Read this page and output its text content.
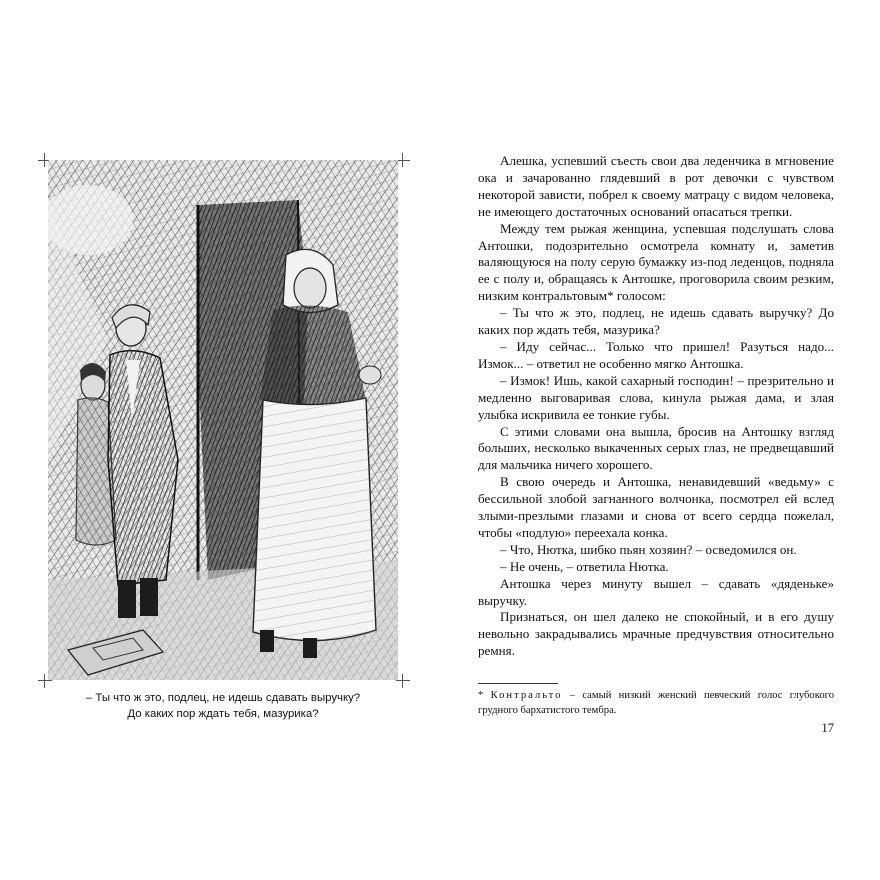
– Ты что ж это, подлец, не идешь сдавать выручку?
До каких пор ждать тебя, мазурика?

Алешка, успевший съесть свои два леденчика в мгновение ока и зачарованно глядевший в рот девочки с чувством некоторой зависти, побрел к своему матрацу с видом человека, не имеющего достаточных оснований опасаться трепки.

Между тем рыжая женщина, успевшая подслушать слова Антошки, подозрительно осмотрела комнату и, заметив валяющуюся на полу серую бумажку из-под леденцов, подняла ее с полу и, обращаясь к Антошке, проговорила своим резким, низким контральтовым* голосом:

– Ты что ж это, подлец, не идешь сдавать выручку? До каких пор ждать тебя, мазурика?

– Иду сейчас... Только что пришел! Разуться надо... Измок... – ответил не особенно мягко Антошка.

– Измок! Ишь, какой сахарный господин! – презрительно и медленно выговаривая слова, кинула рыжая дама, и злая улыбка искривила ее тонкие губы.

С этими словами она вышла, бросив на Антошку взгляд больших, несколько выкаченных серых глаз, не предвещавший для мальчика ничего хорошего.

В свою очередь и Антошка, ненавидевший «ведьму» с бессильной злобой загнанного волчонка, посмотрел ей вслед злыми-презлыми глазами и снова от всего сердца пожелал, чтобы «подлую» переехала конка.

– Что, Нютка, шибко пьян хозяин? – осведомился он.

– Не очень, – ответила Нютка.

Антошка через минуту вышел – сдавать «дяденьке» выручку.

Признаться, он шел далеко не спокойный, и в его душу невольно закрадывались мрачные предчувствия относительно ремня.

* Контральто – самый низкий женский певческий голос глубокого грудного бархатистого тембра.
17
